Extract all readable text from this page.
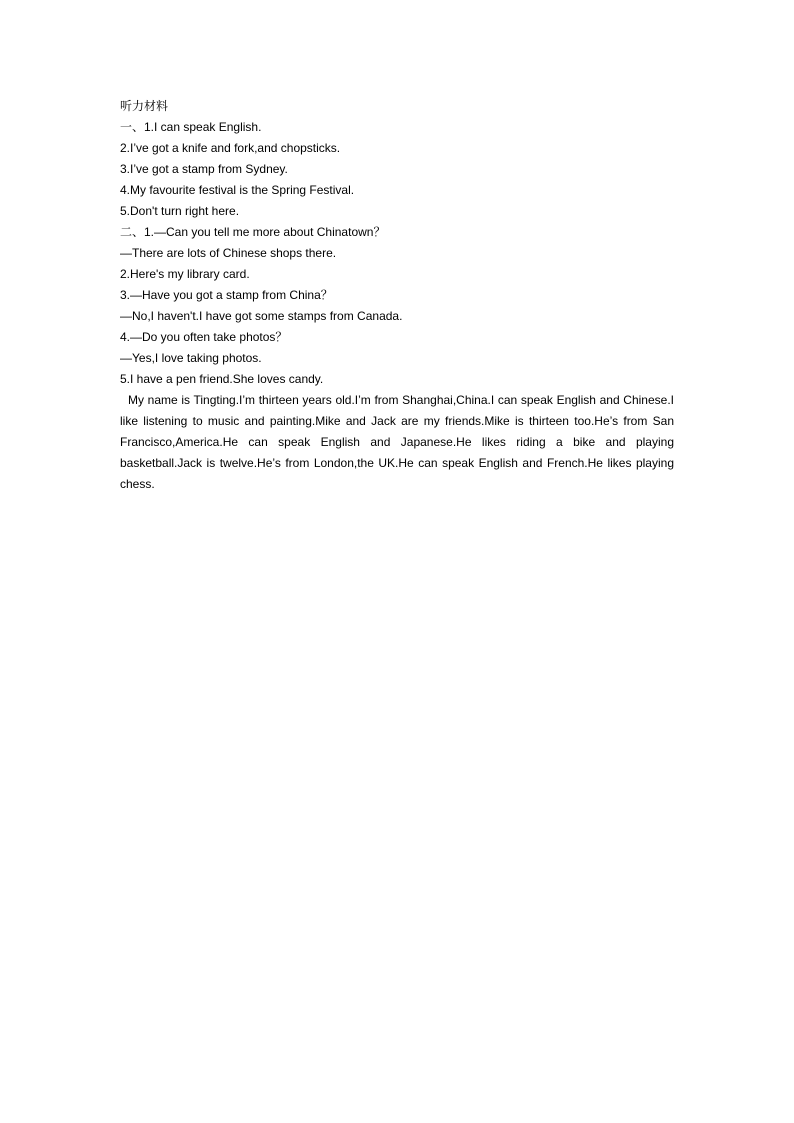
听力材料
一、1.I can speak English.
2.I’ve got a knife and fork,and chopsticks.
3.I’ve got a stamp from Sydney.
4.My favourite festival is the Spring Festival.
5.Don't turn right here.
二、1.—Can you tell me more about Chinatown？
—There are lots of Chinese shops there.
2.Here's my library card.
3.—Have you got a stamp from China？
—No,I haven't.I have got some stamps from Canada.
4.—Do you often take photos？
—Yes,I love taking photos.
5.I have a pen friend.She loves candy.

My name is Tingting.I’m thirteen years old.I’m from Shanghai,China.I can speak English and Chinese.I like listening to music and painting.Mike and Jack are my friends.Mike is thirteen too.He’s from San Francisco,America.He can speak English and Japanese.He likes riding a bike and playing basketball.Jack is twelve.He’s from London,the UK.He can speak English and French.He likes playing chess.
